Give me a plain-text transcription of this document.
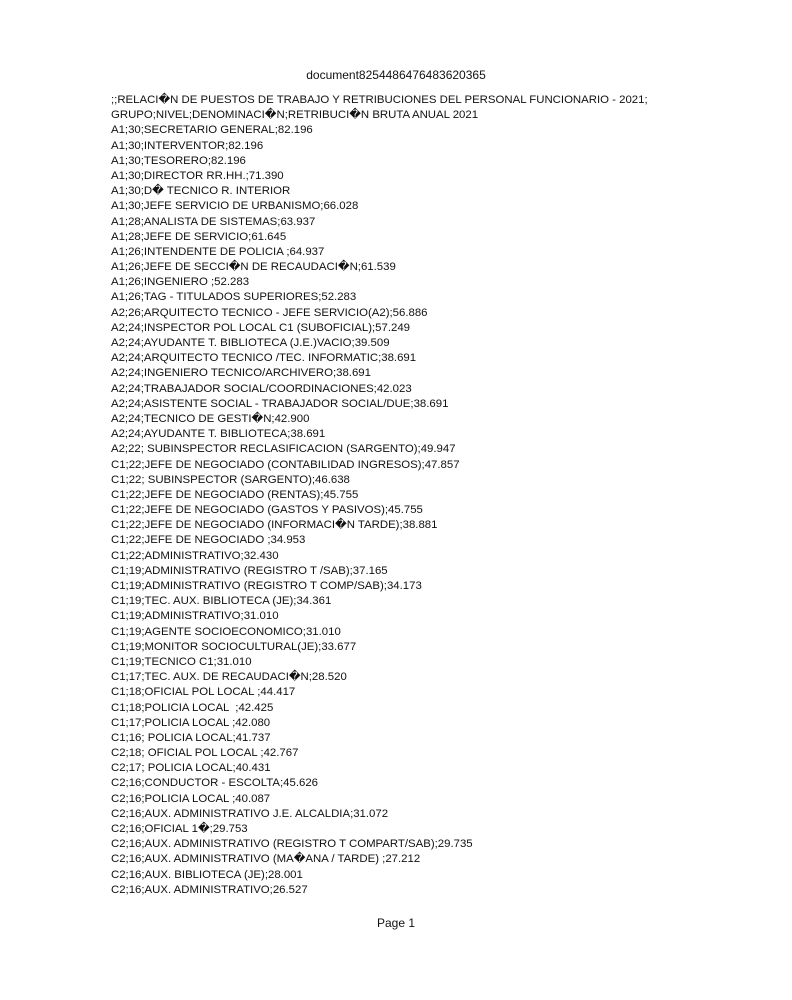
document8254486476483620365
;;RELACI�N DE PUESTOS DE TRABAJO Y RETRIBUCIONES DEL PERSONAL FUNCIONARIO - 2021;
GRUPO;NIVEL;DENOMINACI�N;RETRIBUCI�N BRUTA ANUAL 2021
A1;30;SECRETARIO GENERAL;82.196
A1;30;INTERVENTOR;82.196
A1;30;TESORERO;82.196
A1;30;DIRECTOR RR.HH.;71.390
A1;30;D� TECNICO R. INTERIOR
A1;30;JEFE SERVICIO DE URBANISMO;66.028
A1;28;ANALISTA DE SISTEMAS;63.937
A1;28;JEFE DE SERVICIO;61.645
A1;26;INTENDENTE DE POLICIA ;64.937
A1;26;JEFE DE SECCI�N DE RECAUDACI�N;61.539
A1;26;INGENIERO ;52.283
A1;26;TAG - TITULADOS SUPERIORES;52.283
A2;26;ARQUITECTO TECNICO - JEFE SERVICIO(A2);56.886
A2;24;INSPECTOR POL LOCAL C1 (SUBOFICIAL);57.249
A2;24;AYUDANTE T. BIBLIOTECA (J.E.)VACIO;39.509
A2;24;ARQUITECTO TECNICO /TEC. INFORMATIC;38.691
A2;24;INGENIERO TECNICO/ARCHIVERO;38.691
A2;24;TRABAJADOR SOCIAL/COORDINACIONES;42.023
A2;24;ASISTENTE SOCIAL - TRABAJADOR SOCIAL/DUE;38.691
A2;24;TECNICO DE GESTI�N;42.900
A2;24;AYUDANTE T. BIBLIOTECA;38.691
A2;22; SUBINSPECTOR RECLASIFICACION (SARGENTO);49.947
C1;22;JEFE DE NEGOCIADO (CONTABILIDAD INGRESOS);47.857
C1;22; SUBINSPECTOR (SARGENTO);46.638
C1;22;JEFE DE NEGOCIADO (RENTAS);45.755
C1;22;JEFE DE NEGOCIADO (GASTOS Y PASIVOS);45.755
C1;22;JEFE DE NEGOCIADO (INFORMACI�N TARDE);38.881
C1;22;JEFE DE NEGOCIADO ;34.953
C1;22;ADMINISTRATIVO;32.430
C1;19;ADMINISTRATIVO (REGISTRO T /SAB);37.165
C1;19;ADMINISTRATIVO (REGISTRO T COMP/SAB);34.173
C1;19;TEC. AUX. BIBLIOTECA (JE);34.361
C1;19;ADMINISTRATIVO;31.010
C1;19;AGENTE SOCIOECONOMICO;31.010
C1;19;MONITOR SOCIOCULTURAL(JE);33.677
C1;19;TECNICO C1;31.010
C1;17;TEC. AUX. DE RECAUDACI�N;28.520
C1;18;OFICIAL POL LOCAL ;44.417
C1;18;POLICIA LOCAL  ;42.425
C1;17;POLICIA LOCAL ;42.080
C1;16; POLICIA LOCAL;41.737
C2;18; OFICIAL POL LOCAL ;42.767
C2;17; POLICIA LOCAL;40.431
C2;16;CONDUCTOR - ESCOLTA;45.626
C2;16;POLICIA LOCAL ;40.087
C2;16;AUX. ADMINISTRATIVO J.E. ALCALDIA;31.072
C2;16;OFICIAL 1�;29.753
C2;16;AUX. ADMINISTRATIVO (REGISTRO T COMPART/SAB);29.735
C2;16;AUX. ADMINISTRATIVO (MA�ANA / TARDE) ;27.212
C2;16;AUX. BIBLIOTECA (JE);28.001
C2;16;AUX. ADMINISTRATIVO;26.527
Page 1
